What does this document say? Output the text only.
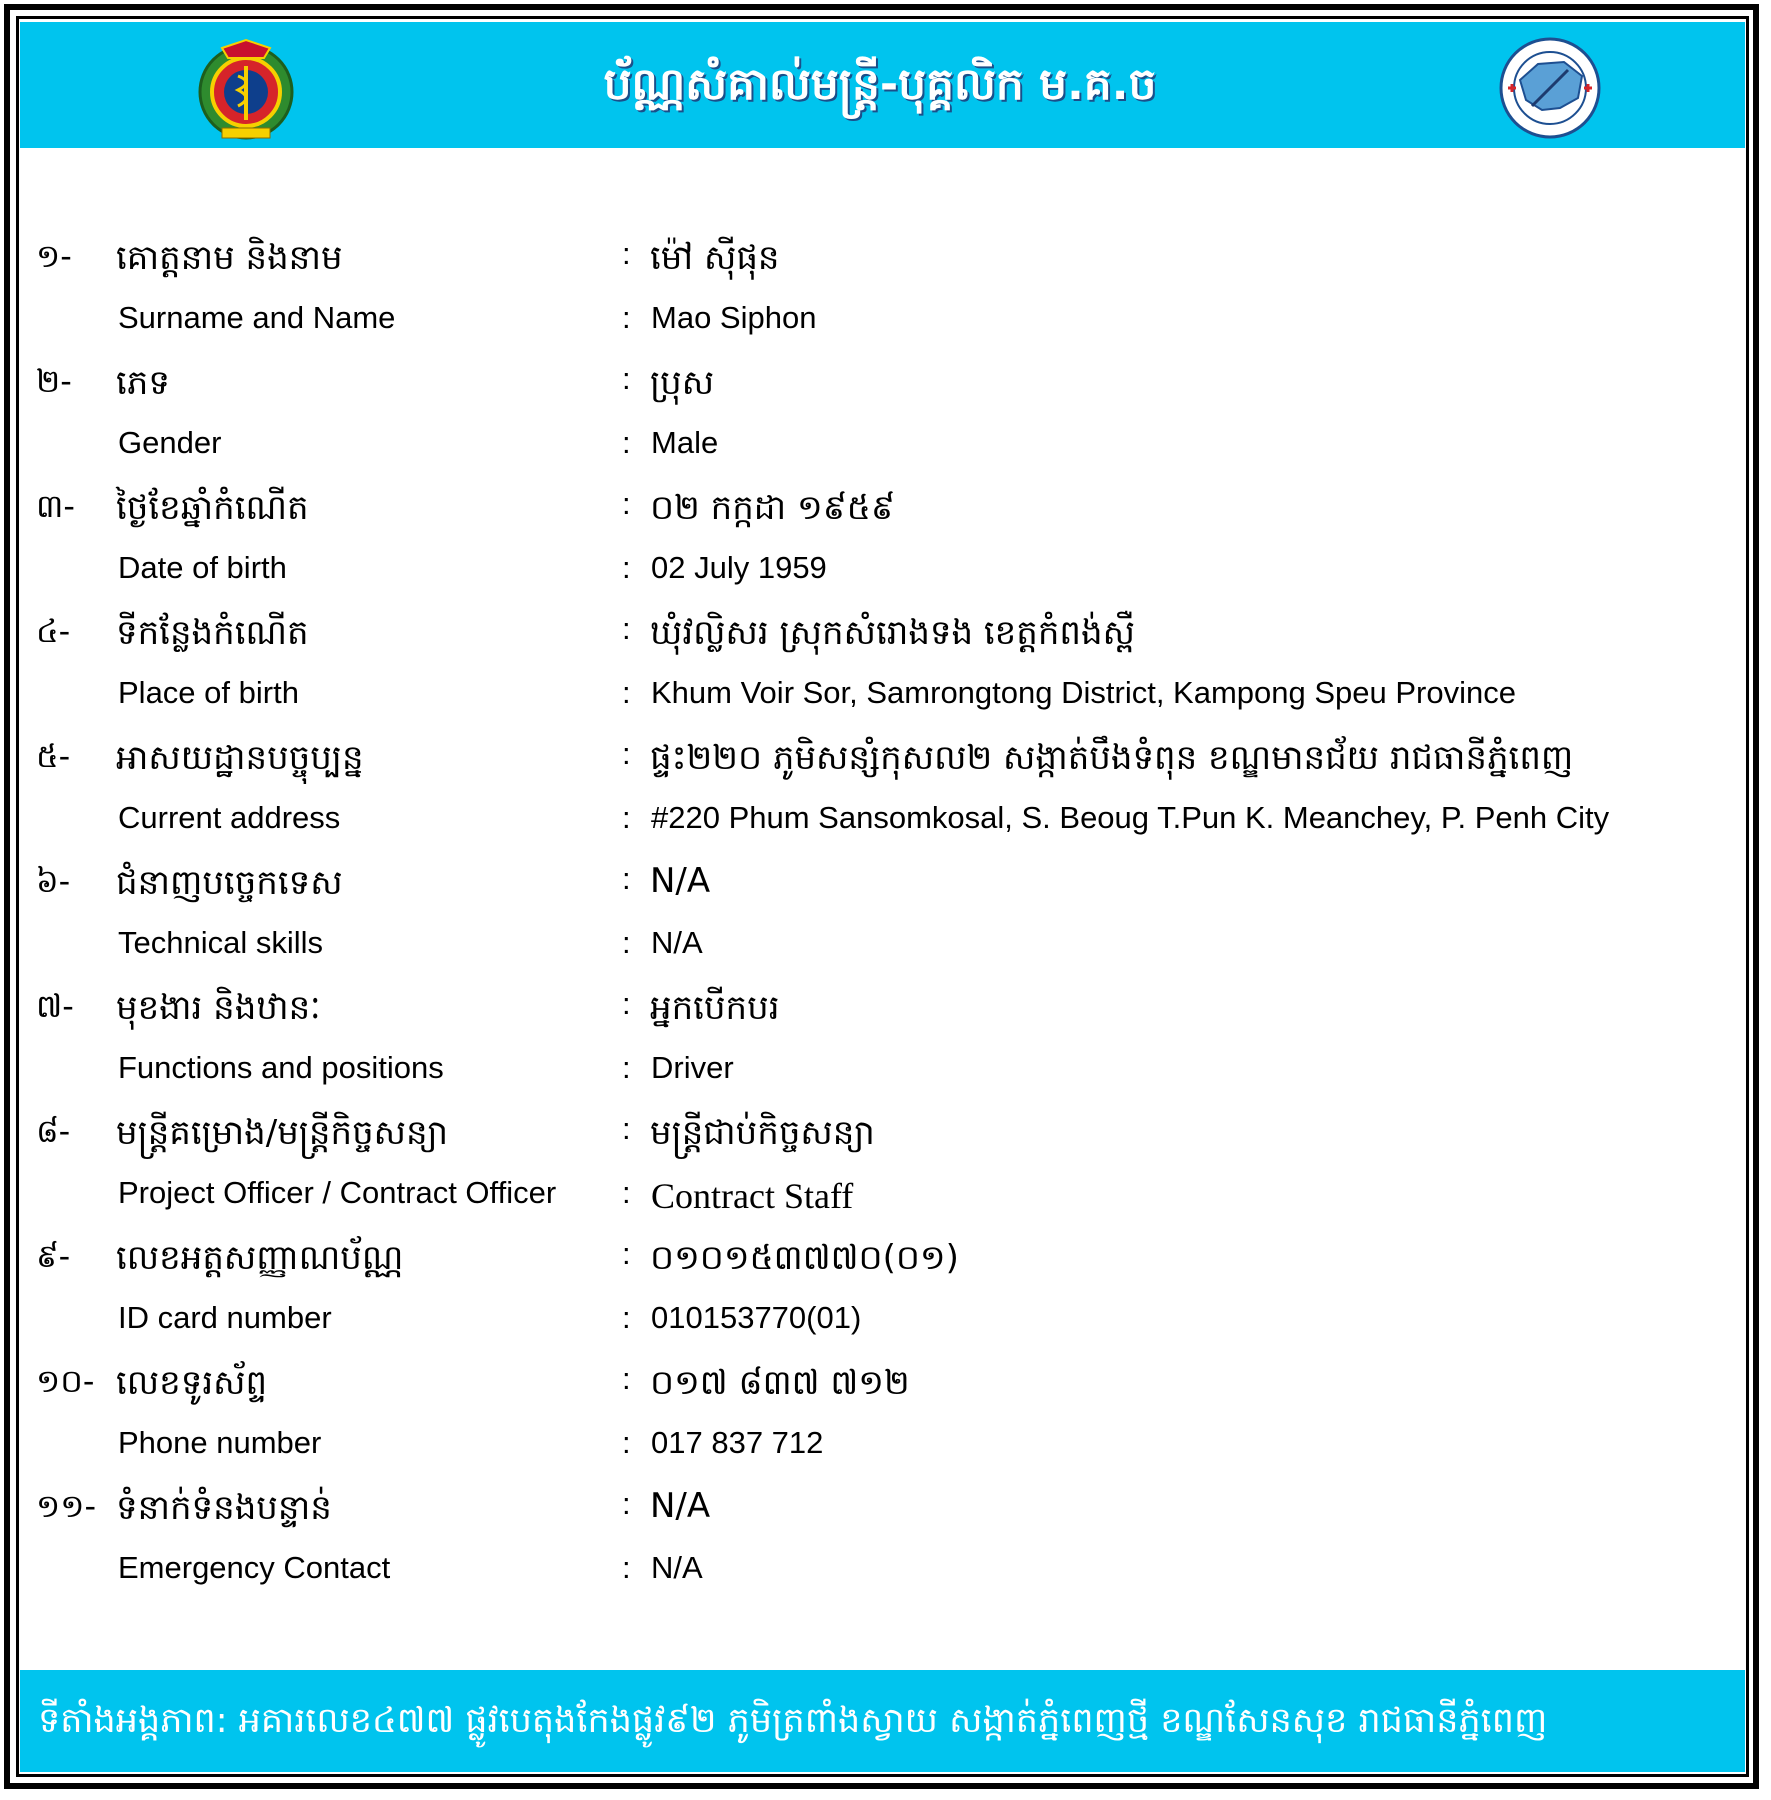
ប័ណ្ណសំគាល់មន្ត្រី-បុគ្គលិក ម.គ.ច
១- គោត្តនាម និងនាម	: ម៉ៅ ស៊ីផុន
Surname and Name	: Mao Siphon
២- ភេទ	: ប្រុស
Gender	: Male
៣- ថ្ងៃខែឆ្នាំកំណើត	: ០២ កក្កដា ១៩៥៩
Date of birth	: 02 July 1959
៤- ទីកន្លែងកំណើត	: ឃុំវល្លិសរ ស្រុកសំរោងទង ខេត្តកំពង់ស្ពឺ
Place of birth	: Khum Voir Sor, Samrongtong District, Kampong Speu Province
៥- អាសយដ្ឋានបច្ចុប្បន្ន	: ផ្ទះ២២០ ភូមិសន្សំកុសល២ សង្កាត់បឹងទំពុន ខណ្ឌមានជ័យ រាជធានីភ្នំពេញ
Current address	: #220 Phum Sansomkosal, S. Beoug T.Pun K. Meanchey, P. Penh City
៦- ជំនាញបច្ចេកទេស	: N/A
Technical skills	: N/A
៧- មុខងារ និងឋានៈ	: អ្នកបើកបរ
Functions and positions	: Driver
៨- មន្ត្រីគម្រោង/មន្ត្រីកិច្ចសន្យា	: មន្ត្រីជាប់កិច្ចសន្យា
Project Officer / Contract Officer : Contract Staff
៩- លេខអត្តសញ្ញាណប័ណ្ណ	: ០១០១៥៣៧៧០(០១)
ID card number	: 010153770(01)
១០- លេខទូរស័ព្ទ	: ០១៧ ៨៣៧ ៧១២
Phone number	: 017 837 712
១១- ទំនាក់ទំនងបន្ទាន់	: N/A
Emergency Contact	: N/A
ទីតាំងអង្គភាព: អគារលេខ៤៧៧ ផ្លូវបេតុងកែងផ្លូវ៩២ ភូមិត្រពាំងស្វាយ សង្កាត់ភ្នំពេញថ្មី ខណ្ឌសែនសុខ រាជធានីភ្នំពេញ
